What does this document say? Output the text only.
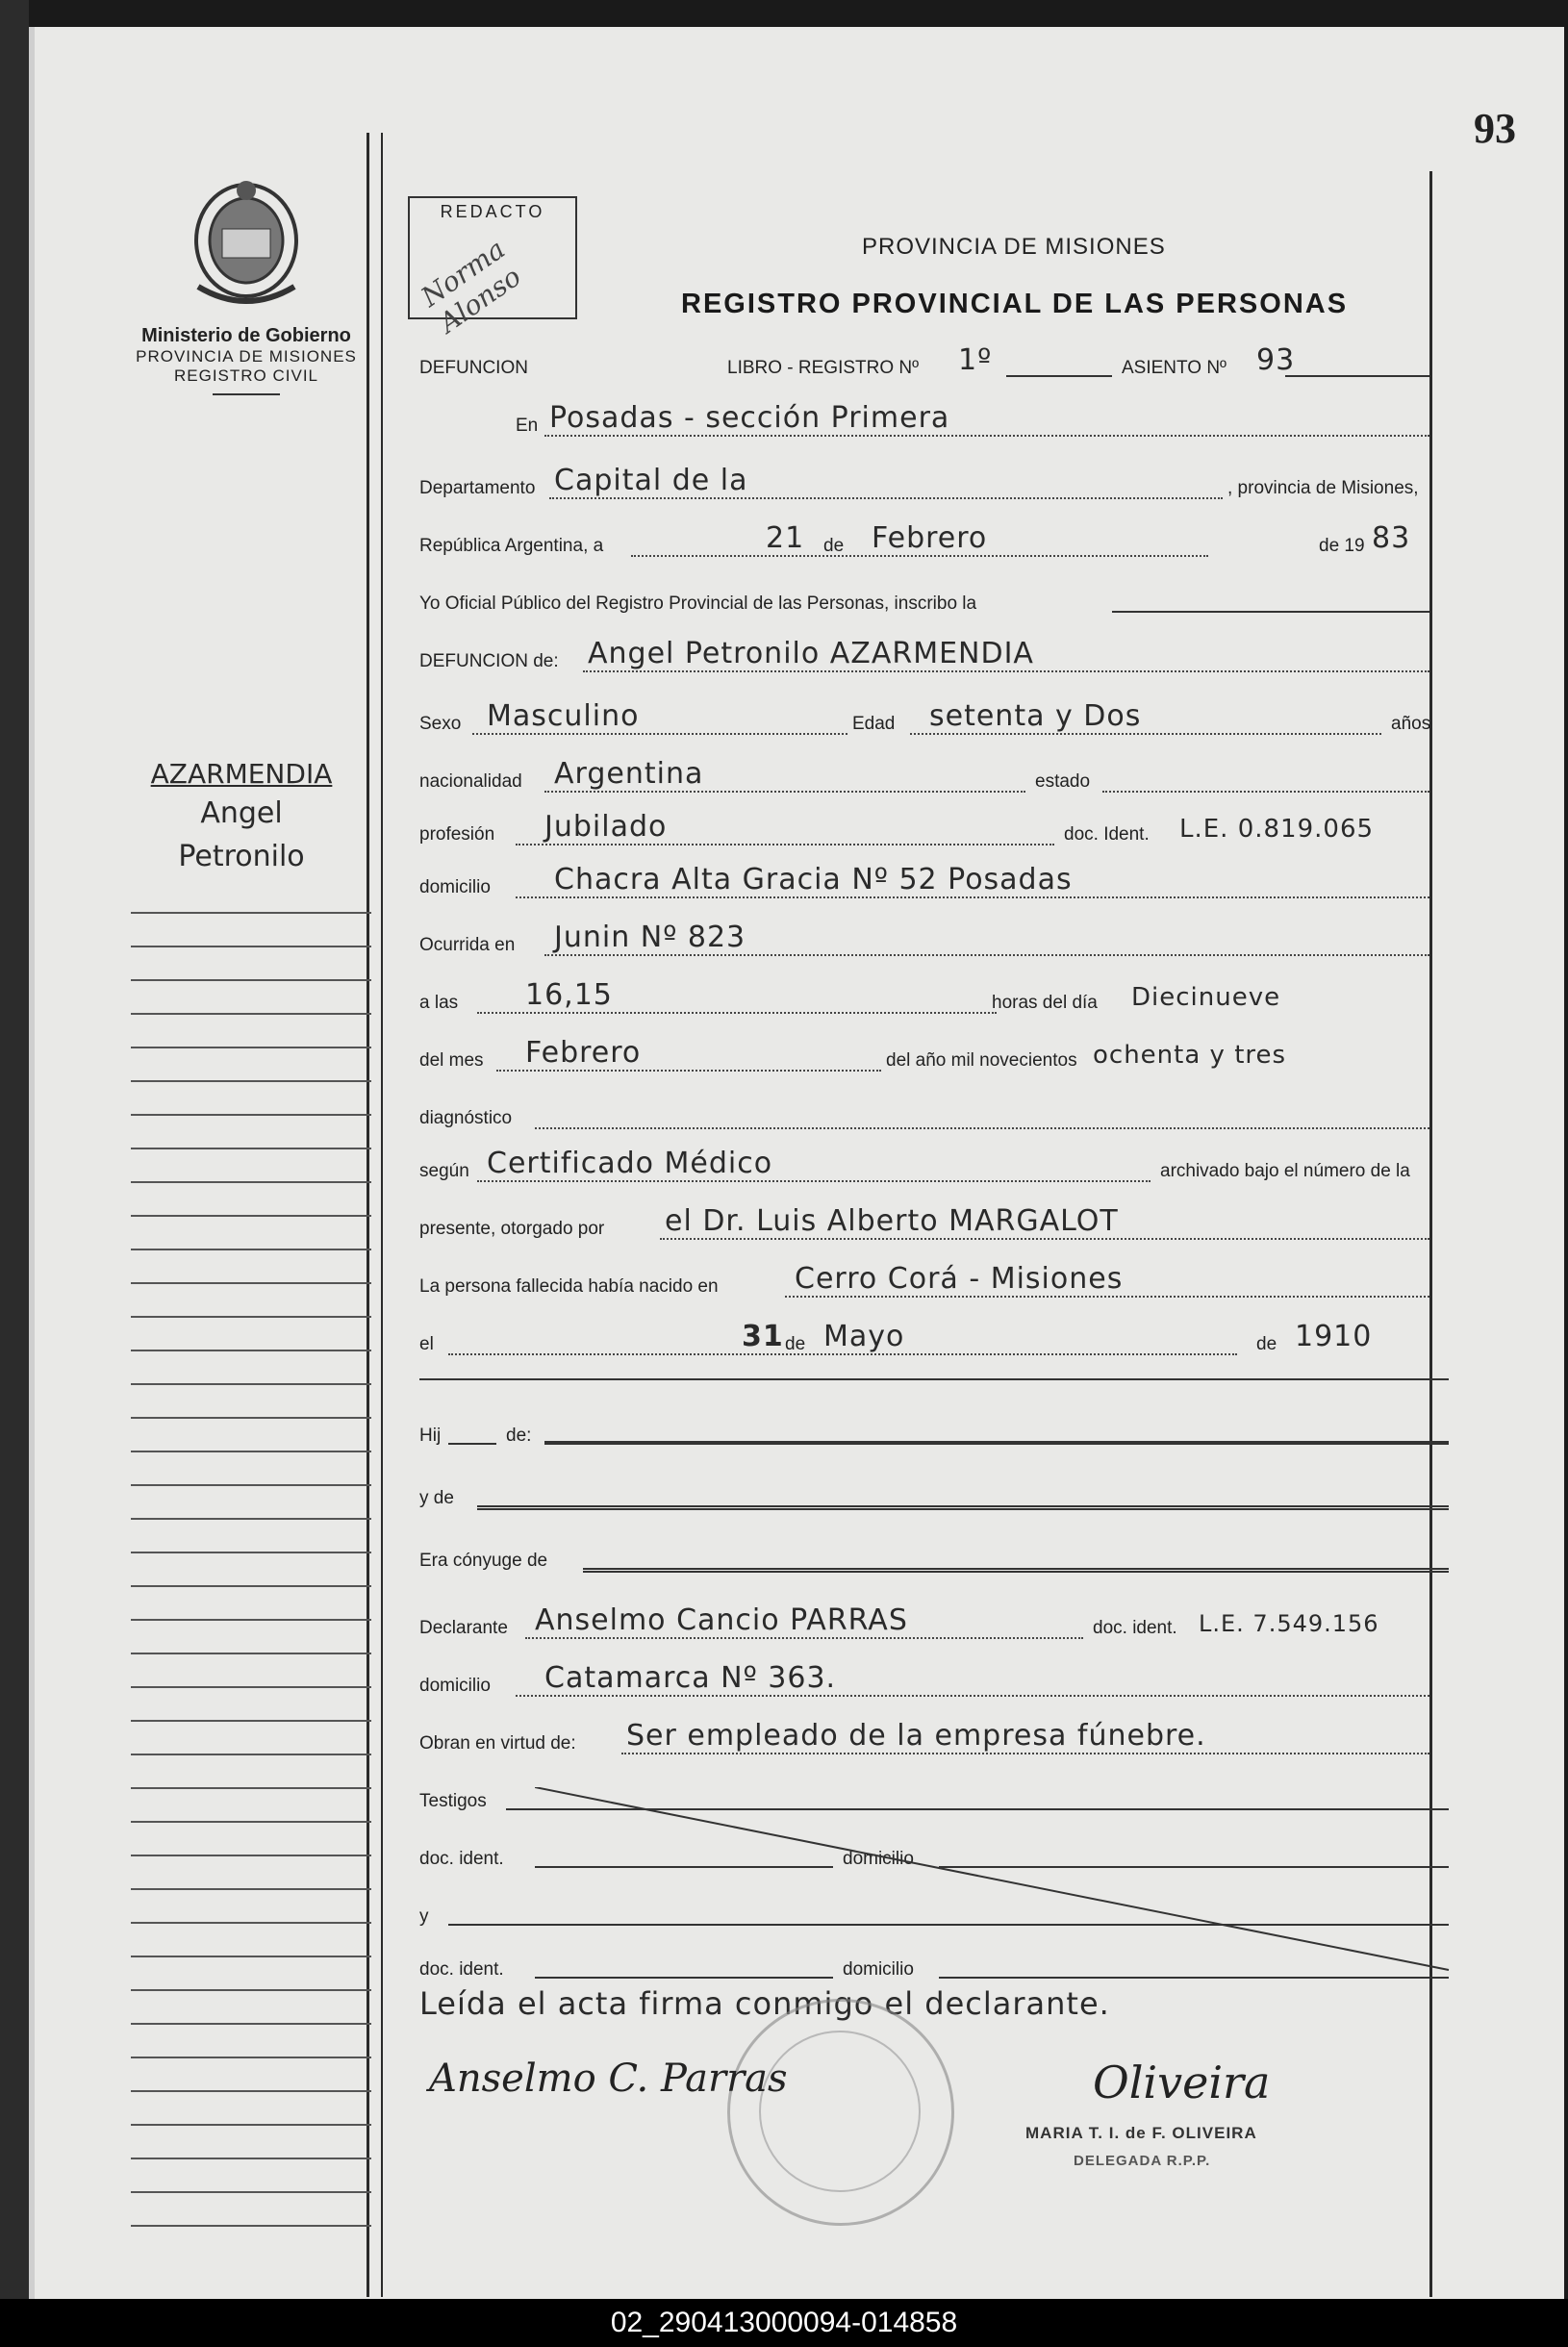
93
Ministerio de Gobierno
PROVINCIA DE MISIONES
REGISTRO CIVIL
REDACTO
Norma Alonso
PROVINCIA DE MISIONES
REGISTRO PROVINCIAL DE LAS PERSONAS
AZARMENDIA
Angel
Petronilo
DEFUNCION	LIBRO - REGISTRO Nº 1º	ASIENTO Nº 93
En Posadas - sección Primera
Departamento Capital de la	, provincia de Misiones,
República Argentina, a	21 de Febrero	de 19 83
Yo Oficial Público del Registro Provincial de las Personas, inscribo la
DEFUNCION de: Angel Petronilo AZARMENDIA
Sexo Masculino	Edad setenta y Dos	años
nacionalidad Argentina	estado
profesión Jubilado	doc. Ident. L.E. 0.819.065
domicilio Chacra Alta Gracia Nº 52 Posadas
Ocurrida en Junin Nº 823
a las 16,15	horas del día Diecinueve
del mes Febrero	del año mil novecientos ochenta y tres
diagnóstico
según Certificado Médico	archivado bajo el número de la
presente, otorgado por el Dr. Luis Alberto MARGALOT
La persona fallecida había nacido en	Cerro Corá - Misiones
el	31 de Mayo	de 1910
Hij	de:
y de
Era cónyuge de
Declarante Anselmo Cancio PARRAS	doc. ident. L.E. 7.549.156
domicilio Catamarca Nº 363.
Obran en virtud de: Ser empleado de la empresa fúnebre.
Testigos
doc. ident.	domicilio
y
doc. ident.	domicilio
Leída el acta firma conmigo el declarante.
Anselmo C. Parras	Oliveira
MARIA T. I. de F. OLIVEIRA
DELEGADA R.P.P.
02_290413000094-014858
